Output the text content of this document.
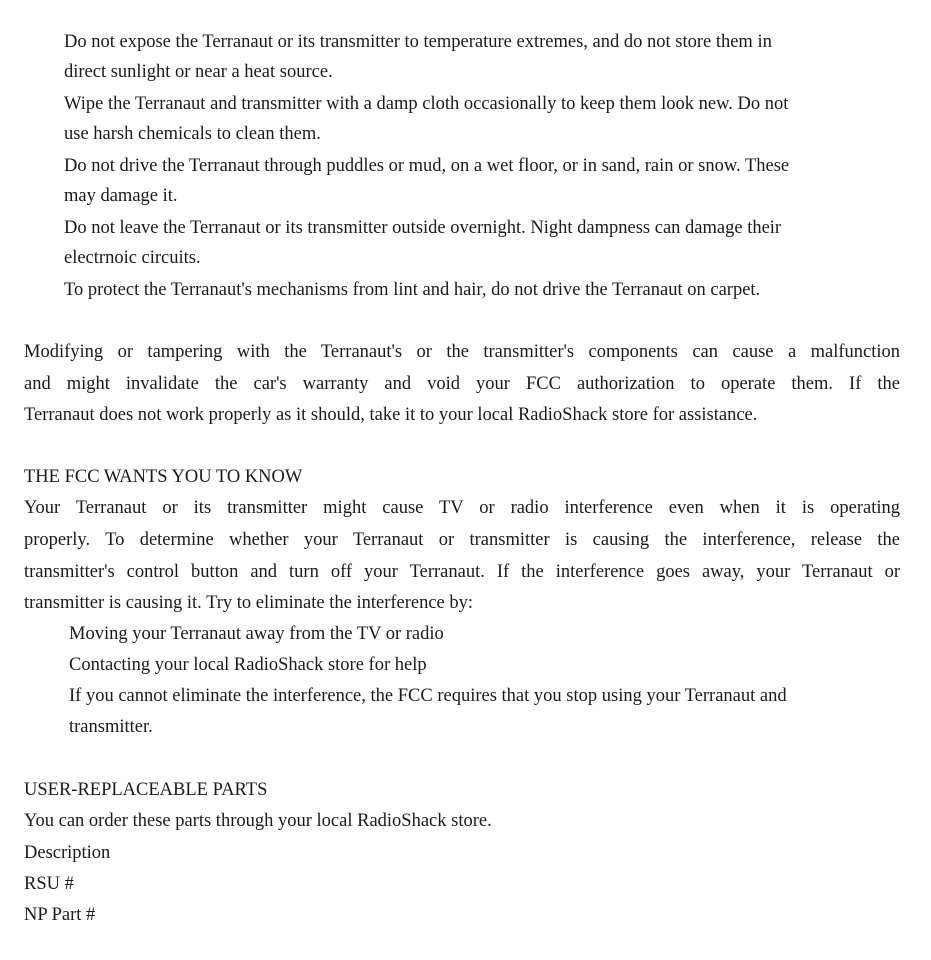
Do not expose the Terranaut or its transmitter to temperature extremes, and do not store them in
direct sunlight or near a heat source.
Wipe the Terranaut and transmitter with a damp cloth occasionally to keep them look new. Do not
use harsh chemicals to clean them.
Do not drive the Terranaut through puddles or mud, on a wet floor, or in sand, rain or snow. These
may damage it.
Do not leave the Terranaut or its transmitter outside overnight. Night dampness can damage their
electrnoic circuits.
To protect the Terranaut's mechanisms from lint and hair, do not drive the Terranaut on carpet.
Modifying or tampering with the Terranaut's or the transmitter's components can cause a malfunction
and might invalidate the car's warranty and void your FCC authorization to operate them. If the
Terranaut does not work properly as it should, take it to your local RadioShack store for assistance.
THE FCC WANTS YOU TO KNOW
Your Terranaut or its transmitter might cause TV or radio interference even when it is operating
properly. To determine whether your Terranaut or transmitter is causing the interference, release the
transmitter's control button and turn off your Terranaut. If the interference goes away, your Terranaut or
transmitter is causing it. Try to eliminate the interference by:
Moving your Terranaut away from the TV or radio
Contacting your local RadioShack store for help
If you cannot eliminate the interference, the FCC requires that you stop using your Terranaut and
transmitter.
USER-REPLACEABLE PARTS
You can order these parts through your local RadioShack store.
Description
RSU #
NP Part #
